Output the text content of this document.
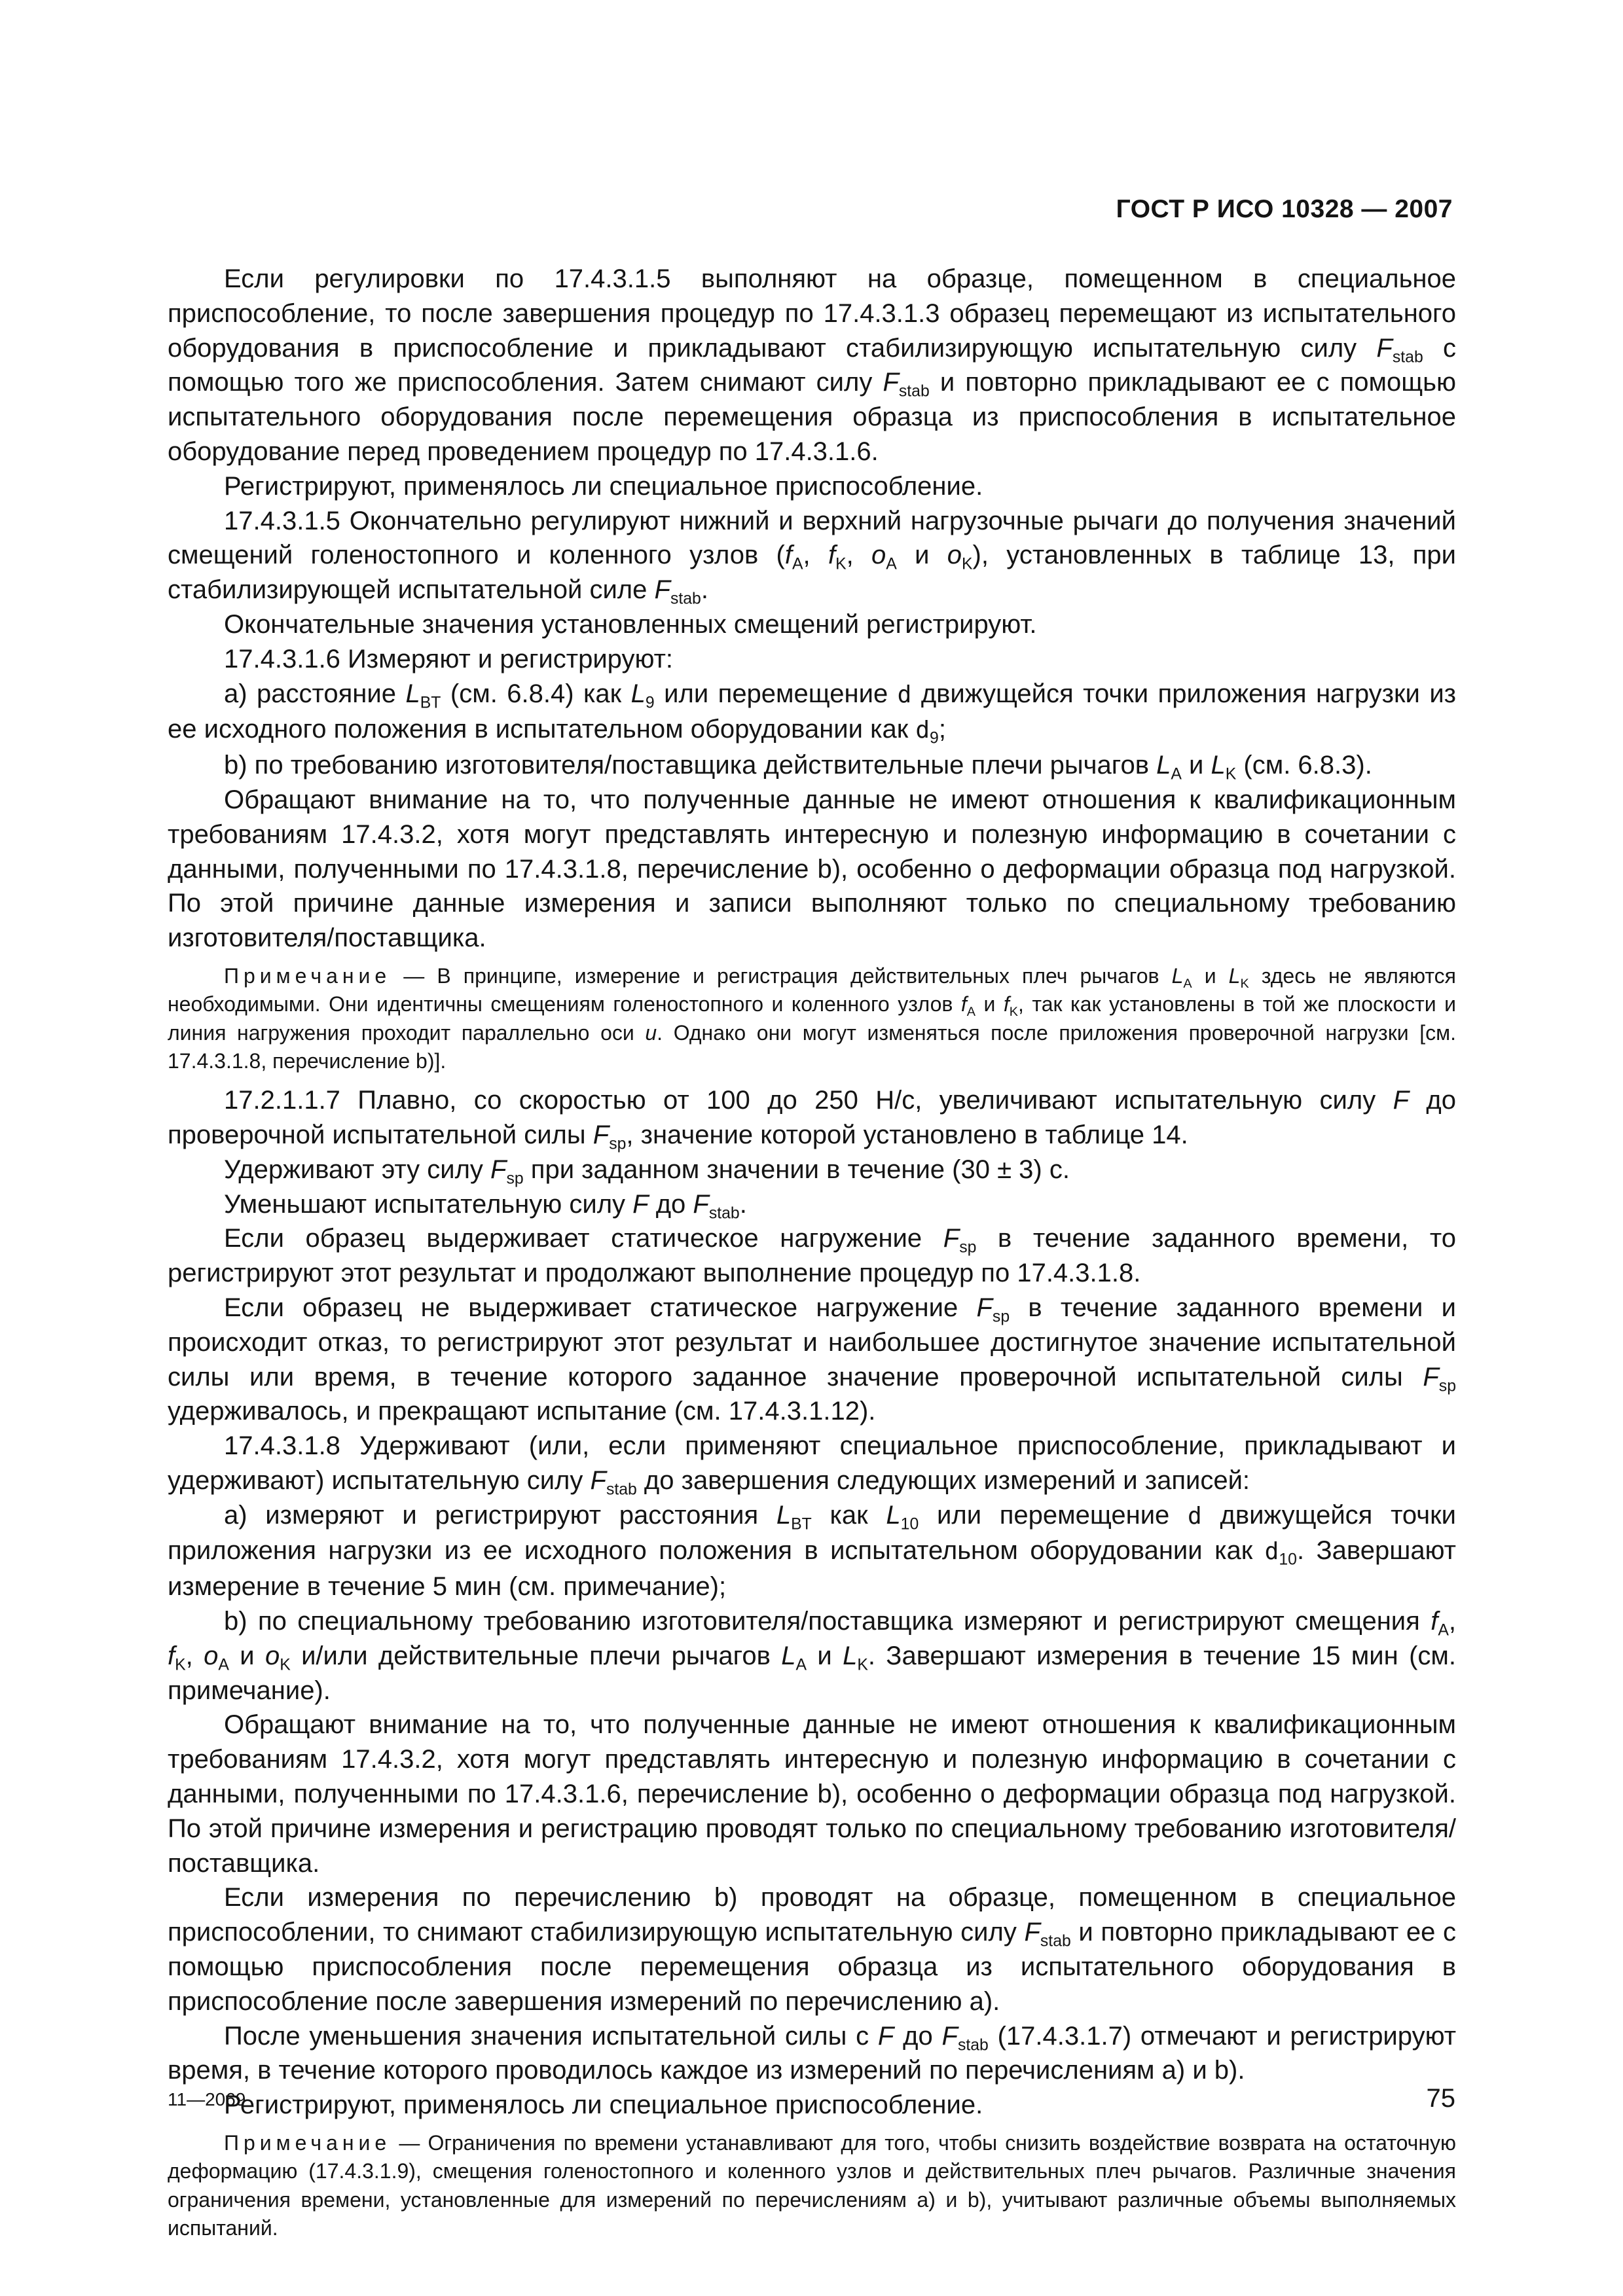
ГОСТ Р ИСО 10328 — 2007

Если регулировки по 17.4.3.1.5 выполняют на образце, помещенном в специальное приспособление, то после завершения процедур по 17.4.3.1.3 образец перемещают из испытательного оборудования в приспособление и прикладывают стабилизирующую испытательную силу $F_{stab}$ с помощью того же приспособления. Затем снимают силу $F_{stab}$ и повторно прикладывают ее с помощью испытательного оборудования после перемещения образца из приспособления в испытательное оборудование перед проведением процедур по 17.4.3.1.6.

Регистрируют, применялось ли специальное приспособление.

17.4.3.1.5 Окончательно регулируют нижний и верхний нагрузочные рычаги до получения значений смещений голеностопного и коленного узлов ($f_A$, $f_K$, $o_A$ и $o_K$), установленных в таблице 13, при стабилизирующей испытательной силе $F_{stab}$.

Окончательные значения установленных смещений регистрируют.

17.4.3.1.6 Измеряют и регистрируют:

а) расстояние $L_{BT}$ (см. 6.8.4) как $L_9$ или перемещение d движущейся точки приложения нагрузки из ее исходного положения в испытательном оборудовании как $d_9$;

b) по требованию изготовителя/поставщика действительные плечи рычагов $L_A$ и $L_K$ (см. 6.8.3).

Обращают внимание на то, что полученные данные не имеют отношения к квалификационным требованиям 17.4.3.2, хотя могут представлять интересную и полезную информацию в сочетании с данными, полученными по 17.4.3.1.8, перечисление b), особенно о деформации образца под нагрузкой. По этой причине данные измерения и записи выполняют только по специальному требованию изготовителя/поставщика.

Примечание — В принципе, измерение и регистрация действительных плеч рычагов $L_A$ и $L_K$ здесь не являются необходимыми. Они идентичны смещениям голеностопного и коленного узлов $f_A$ и $f_K$, так как установлены в той же плоскости и линия нагружения проходит параллельно оси u. Однако они могут изменяться после приложения проверочной нагрузки [см. 17.4.3.1.8, перечисление b)].

17.2.1.1.7 Плавно, со скоростью от 100 до 250 Н/с, увеличивают испытательную силу F до проверочной испытательной силы $F_{sp}$, значение которой установлено в таблице 14.

Удерживают эту силу $F_{sp}$ при заданном значении в течение (30 ± 3) с.

Уменьшают испытательную силу F до $F_{stab}$.

Если образец выдерживает статическое нагружение $F_{sp}$ в течение заданного времени, то регистрируют этот результат и продолжают выполнение процедур по 17.4.3.1.8.

Если образец не выдерживает статическое нагружение $F_{sp}$ в течение заданного времени и происходит отказ, то регистрируют этот результат и наибольшее достигнутое значение испытательной силы или время, в течение которого заданное значение проверочной испытательной силы $F_{sp}$ удерживалось, и прекращают испытание (см. 17.4.3.1.12).

17.4.3.1.8 Удерживают (или, если применяют специальное приспособление, прикладывают и удерживают) испытательную силу $F_{stab}$ до завершения следующих измерений и записей:

а) измеряют и регистрируют расстояния $L_{BT}$ как $L_{10}$ или перемещение d движущейся точки приложения нагрузки из ее исходного положения в испытательном оборудовании как $d_{10}$. Завершают измерение в течение 5 мин (см. примечание);

b) по специальному требованию изготовителя/поставщика измеряют и регистрируют смещения $f_A$, $f_K$, $o_A$ и $o_K$ и/или действительные плечи рычагов $L_A$ и $L_K$. Завершают измерения в течение 15 мин (см. примечание).

Обращают внимание на то, что полученные данные не имеют отношения к квалификационным требованиям 17.4.3.2, хотя могут представлять интересную и полезную информацию в сочетании с данными, полученными по 17.4.3.1.6, перечисление b), особенно о деформации образца под нагрузкой. По этой причине измерения и регистрацию проводят только по специальному требованию изготовителя/поставщика.

Если измерения по перечислению b) проводят на образце, помещенном в специальное приспособлении, то снимают стабилизирующую испытательную силу $F_{stab}$ и повторно прикладывают ее с помощью приспособления после перемещения образца из испытательного оборудования в приспособление после завершения измерений по перечислению а).

После уменьшения значения испытательной силы с F до $F_{stab}$ (17.4.3.1.7) отмечают и регистрируют время, в течение которого проводилось каждое из измерений по перечислениям а) и b).

Регистрируют, применялось ли специальное приспособление.

Примечание — Ограничения по времени устанавливают для того, чтобы снизить воздействие возврата на остаточную деформацию (17.4.3.1.9), смещения голеностопного и коленного узлов и действительных плеч рычагов. Различные значения ограничения времени, установленные для измерений по перечислениям а) и b), учитывают различные объемы выполняемых испытаний.

11—2069	75
